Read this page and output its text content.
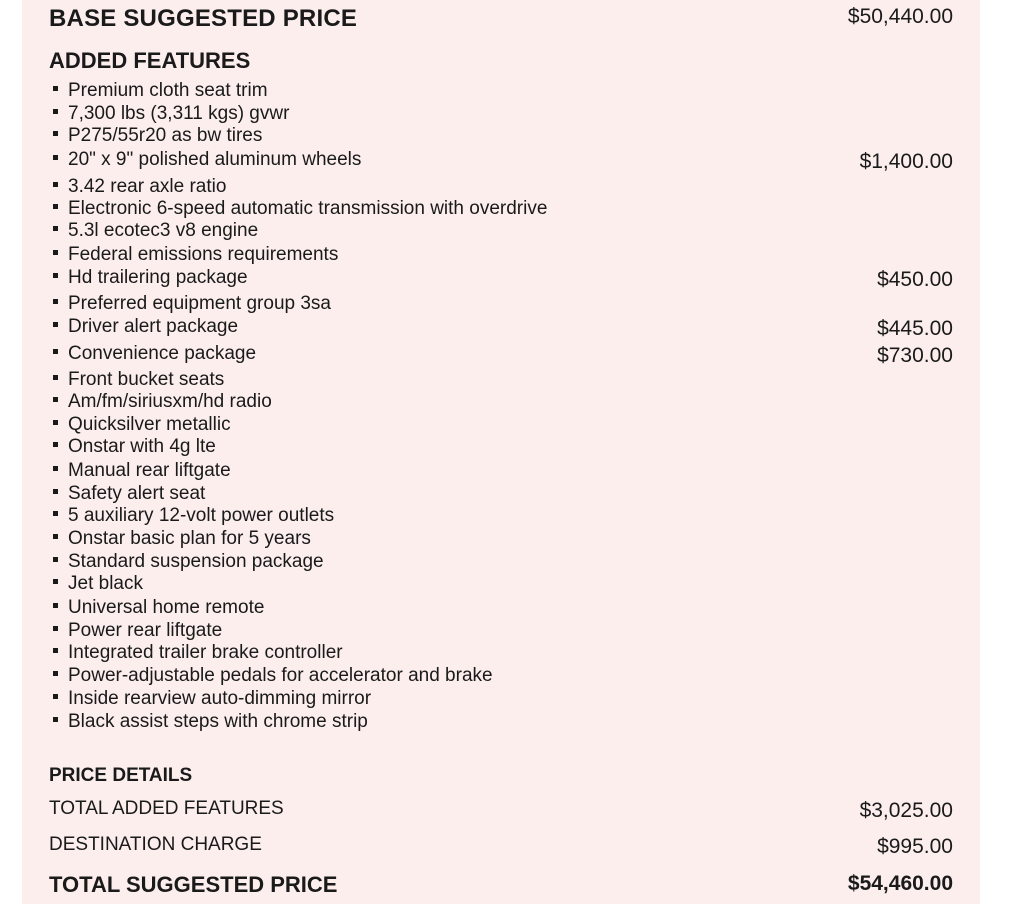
BASE SUGGESTED PRICE	$50,440.00
ADDED FEATURES
Premium cloth seat trim
7,300 lbs (3,311 kgs) gvwr
P275/55r20 as bw tires
20" x 9" polished aluminum wheels	$1,400.00
3.42 rear axle ratio
Electronic 6-speed automatic transmission with overdrive
5.3l ecotec3 v8 engine
Federal emissions requirements
Hd trailering package	$450.00
Preferred equipment group 3sa
Driver alert package	$445.00
Convenience package	$730.00
Front bucket seats
Am/fm/siriusxm/hd radio
Quicksilver metallic
Onstar with 4g lte
Manual rear liftgate
Safety alert seat
5 auxiliary 12-volt power outlets
Onstar basic plan for 5 years
Standard suspension package
Jet black
Universal home remote
Power rear liftgate
Integrated trailer brake controller
Power-adjustable pedals for accelerator and brake
Inside rearview auto-dimming mirror
Black assist steps with chrome strip
PRICE DETAILS
TOTAL ADDED FEATURES	$3,025.00
DESTINATION CHARGE	$995.00
TOTAL SUGGESTED PRICE	$54,460.00
